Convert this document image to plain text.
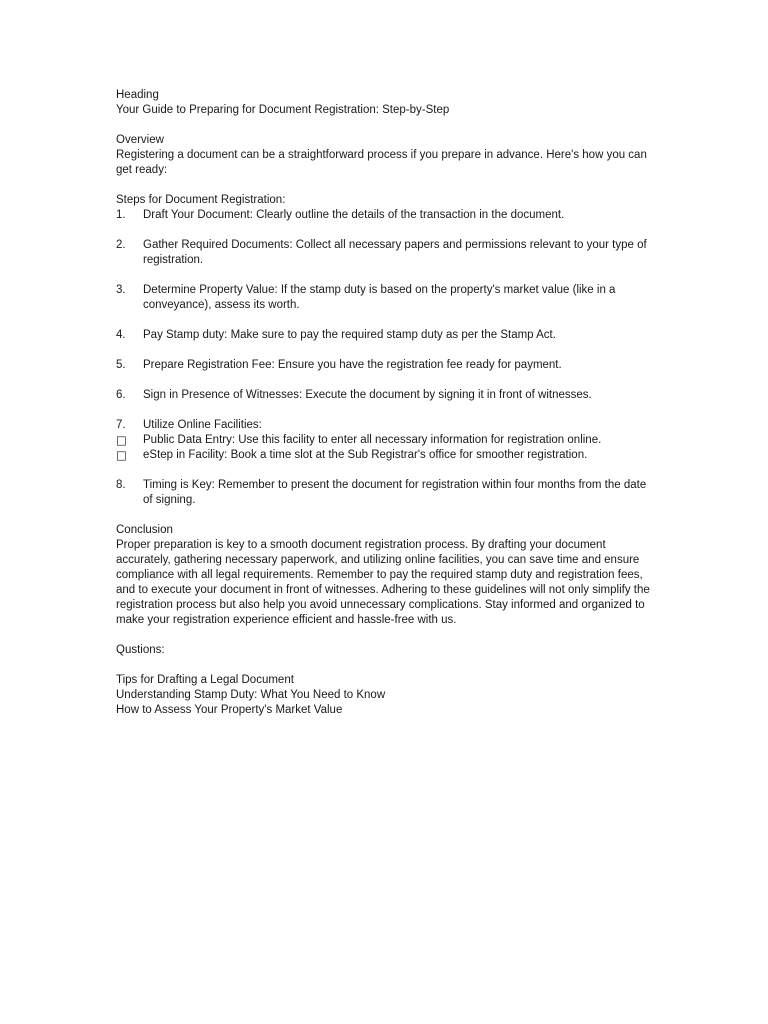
Heading
Your Guide to Preparing for Document Registration: Step-by-Step
Overview
Registering a document can be a straightforward process if you prepare in advance. Here's how you can get ready:
Steps for Document Registration:
1.	Draft Your Document: Clearly outline the details of the transaction in the document.
2.	Gather Required Documents: Collect all necessary papers and permissions relevant to your type of registration.
3.	Determine Property Value: If the stamp duty is based on the property's market value (like in a conveyance), assess its worth.
4.	Pay Stamp duty: Make sure to pay the required stamp duty as per the Stamp Act.
5.	Prepare Registration Fee: Ensure you have the registration fee ready for payment.
6.	Sign in Presence of Witnesses: Execute the document by signing it in front of witnesses.
7.	Utilize Online Facilities:
□	Public Data Entry: Use this facility to enter all necessary information for registration online.
□	eStep in Facility: Book a time slot at the Sub Registrar's office for smoother registration.
8.	Timing is Key: Remember to present the document for registration within four months from the date of signing.
Conclusion
Proper preparation is key to a smooth document registration process. By drafting your document accurately, gathering necessary paperwork, and utilizing online facilities, you can save time and ensure compliance with all legal requirements. Remember to pay the required stamp duty and registration fees, and to execute your document in front of witnesses. Adhering to these guidelines will not only simplify the registration process but also help you avoid unnecessary complications. Stay informed and organized to make your registration experience efficient and hassle-free with us.
Qustions:
Tips for Drafting a Legal Document
Understanding Stamp Duty: What You Need to Know
How to Assess Your Property's Market Value
